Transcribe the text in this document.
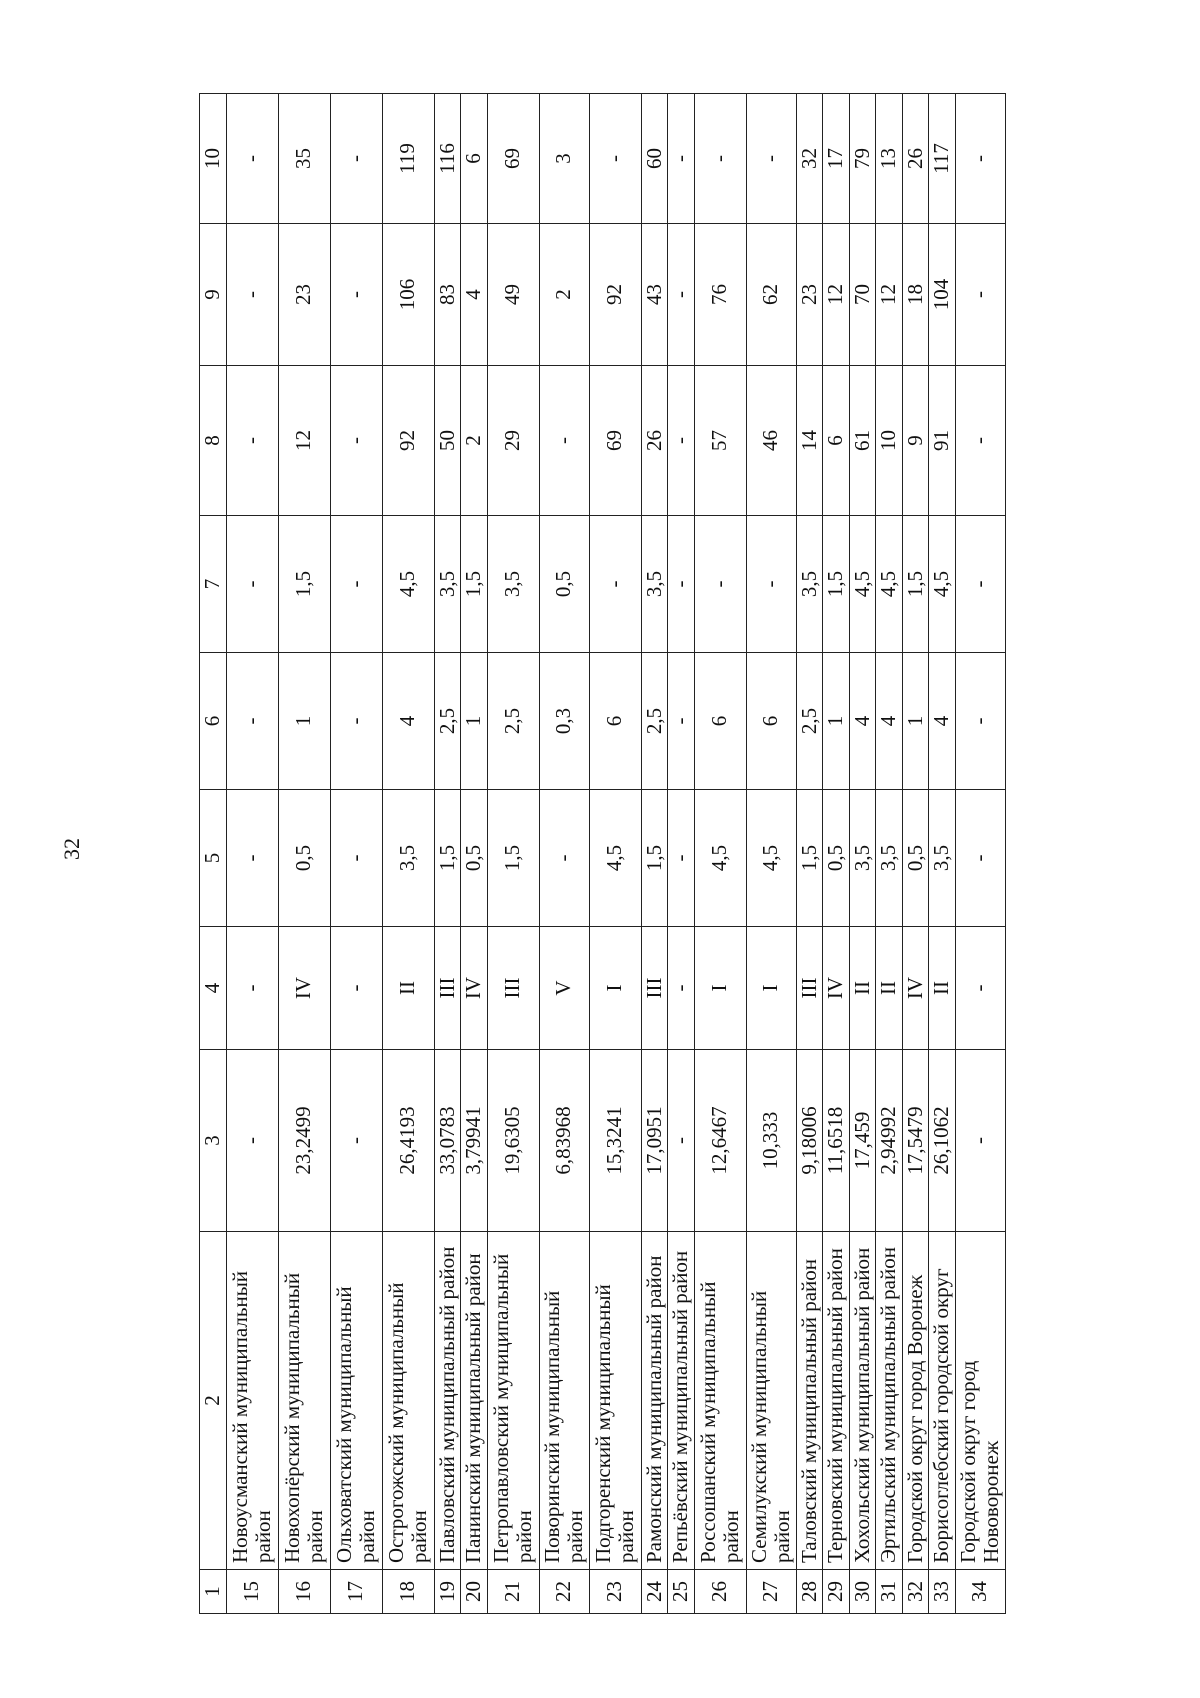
32
1	2	3	4	5	6	7	8	9	10
15	Новоусманский муниципальный район	-	-	-	-	-	-	-	-
16	Новохопёрский муниципальный район	23,2499	IV	0,5	1	1,5	12	23	35
17	Ольховатский муниципальный район	-	-	-	-	-	-	-	-
18	Острогожский муниципальный район	26,4193	II	3,5	4	4,5	92	106	119
19	Павловский муниципальный район	33,0783	III	1,5	2,5	3,5	50	83	116
20	Панинский муниципальный район	3,79941	IV	0,5	1	1,5	2	4	6
21	Петропавловский муниципальный район	19,6305	III	1,5	2,5	3,5	29	49	69
22	Поворинский муниципальный район	6,83968	V	-	0,3	0,5	-	2	3
23	Подгоренский муниципальный район	15,3241	I	4,5	6	-	69	92	-
24	Рамонский муниципальный район	17,0951	III	1,5	2,5	3,5	26	43	60
25	Репьёвский муниципальный район	-	-	-	-	-	-	-	-
26	Россошанский муниципальный район	12,6467	I	4,5	6	-	57	76	-
27	Семилукский муниципальный район	10,333	I	4,5	6	-	46	62	-
28	Таловский муниципальный район	9,18006	III	1,5	2,5	3,5	14	23	32
29	Терновский муниципальный район	11,6518	IV	0,5	1	1,5	6	12	17
30	Хохольский муниципальный район	17,459	II	3,5	4	4,5	61	70	79
31	Эртильский муниципальный район	2,94992	II	3,5	4	4,5	10	12	13
32	Городской округ город Воронеж	17,5479	IV	0,5	1	1,5	9	18	26
33	Борисоглебский городской округ	26,1062	II	3,5	4	4,5	91	104	117
34	Городской округ город Нововоронеж	-	-	-	-	-	-	-	-
